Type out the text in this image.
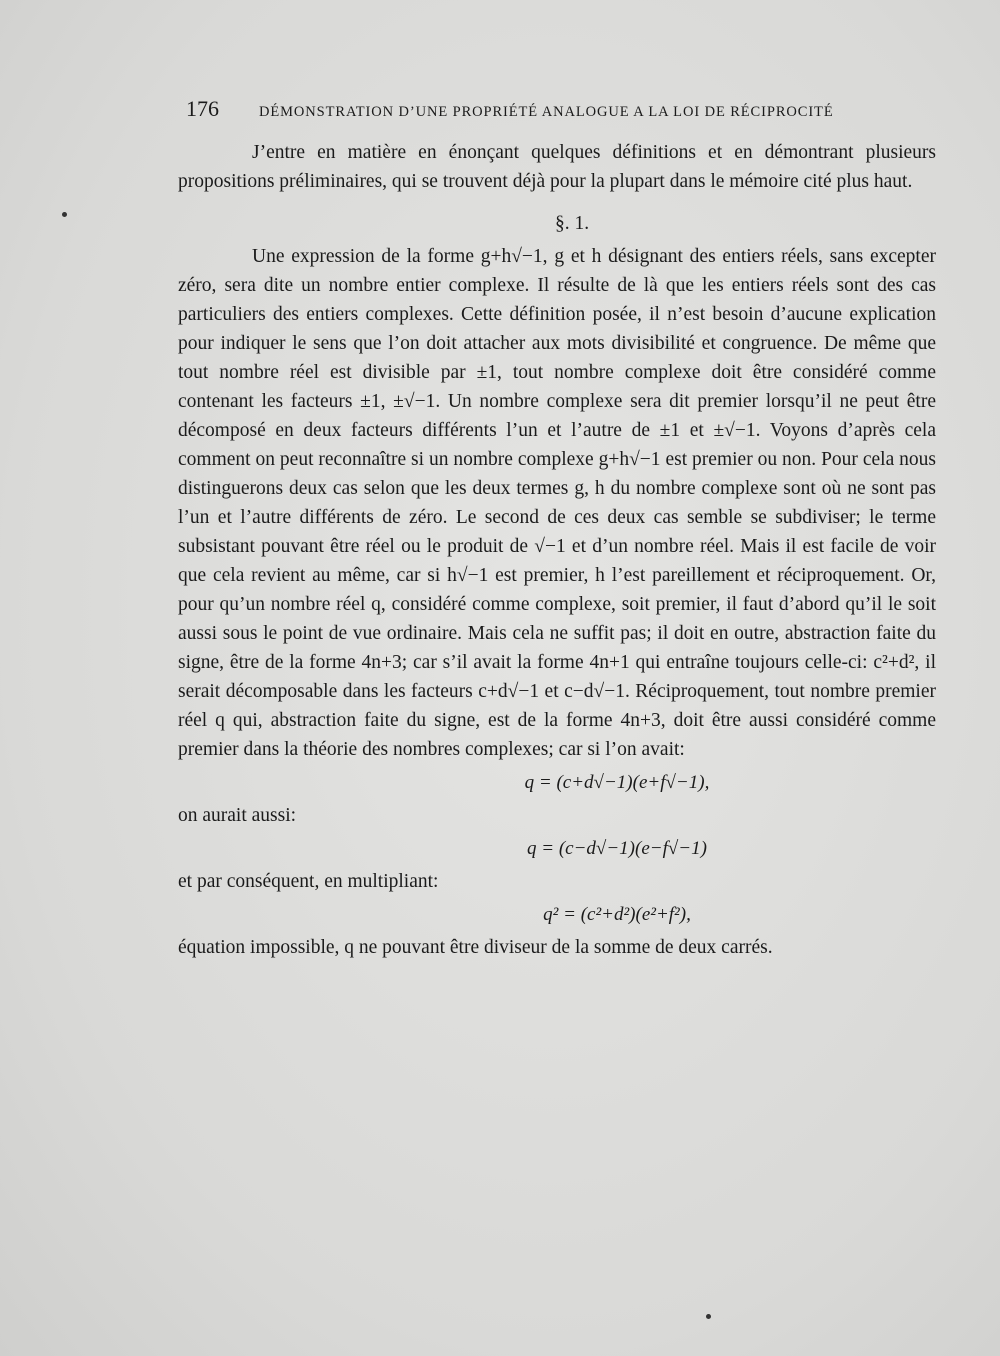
176	DÉMONSTRATION D’UNE PROPRIÉTÉ ANALOGUE A LA LOI DE RÉCIPROCITÉ

J’entre en matière en énonçant quelques définitions et en démontrant plusieurs propositions préliminaires, qui se trouvent déjà pour la plupart dans le mémoire cité plus haut.

§. 1.

Une expression de la forme g+h√−1, g et h désignant des entiers réels, sans excepter zéro, sera dite un nombre entier complexe. Il résulte de là que les entiers réels sont des cas particuliers des entiers complexes. Cette définition posée, il n’est besoin d’aucune explication pour indiquer le sens que l’on doit attacher aux mots divisibilité et congruence. De même que tout nombre réel est divisible par ±1, tout nombre complexe doit être considéré comme contenant les facteurs ±1, ±√−1. Un nombre complexe sera dit premier lorsqu’il ne peut être décomposé en deux facteurs différents l’un et l’autre de ±1 et ±√−1. Voyons d’après cela comment on peut reconnaître si un nombre complexe g+h√−1 est premier ou non. Pour cela nous distinguerons deux cas selon que les deux termes g, h du nombre complexe sont où ne sont pas l’un et l’autre différents de zéro. Le second de ces deux cas semble se subdiviser; le terme subsistant pouvant être réel ou le produit de √−1 et d’un nombre réel. Mais il est facile de voir que cela revient au même, car si h√−1 est premier, h l’est pareillement et réciproquement. Or, pour qu’un nombre réel q, considéré comme complexe, soit premier, il faut d’abord qu’il le soit aussi sous le point de vue ordinaire. Mais cela ne suffit pas; il doit en outre, abstraction faite du signe, être de la forme 4n+3; car s’il avait la forme 4n+1 qui entraîne toujours celle-ci: c²+d², il serait décomposable dans les facteurs c+d√−1 et c−d√−1. Réciproquement, tout nombre premier réel q qui, abstraction faite du signe, est de la forme 4n+3, doit être aussi considéré comme premier dans la théorie des nombres complexes; car si l’on avait:

q = (c+d√−1)(e+f√−1),

on aurait aussi:

q = (c−d√−1)(e−f√−1)

et par conséquent, en multipliant:

q² = (c²+d²)(e²+f²),

équation impossible, q ne pouvant être diviseur de la somme de deux carrés.
